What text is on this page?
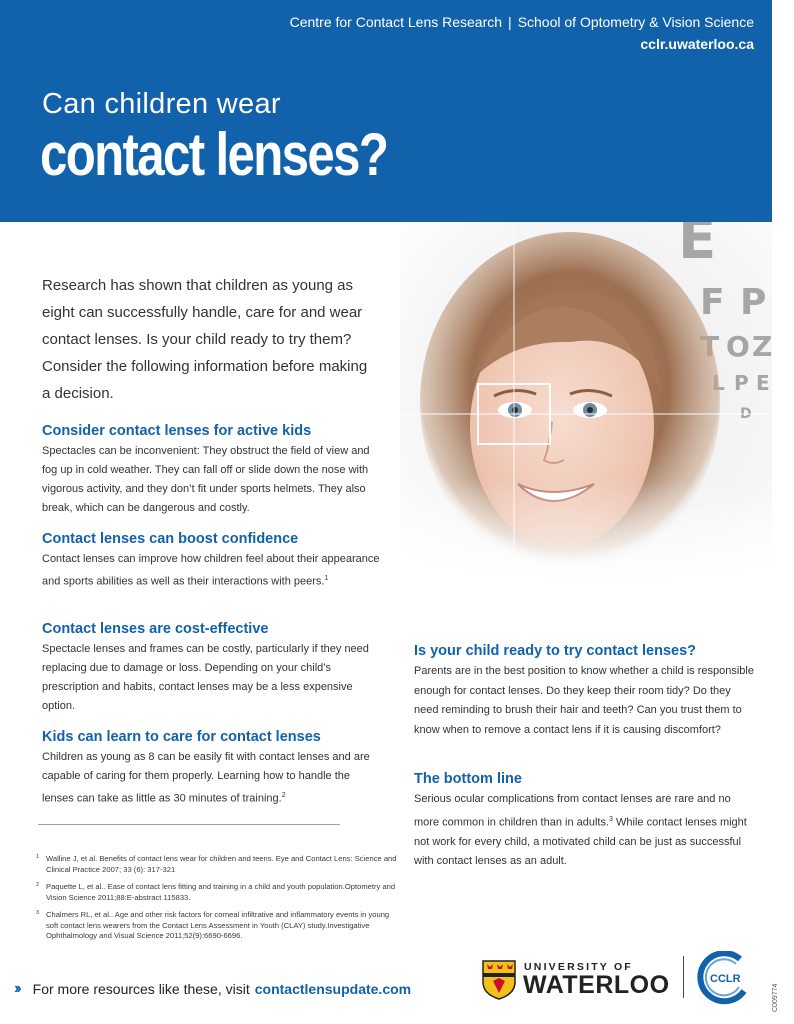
Centre for Contact Lens Research | School of Optometry & Vision Science
cclr.uwaterloo.ca
Can children wear
contact lenses?

Research has shown that children as young as eight can successfully handle, care for and wear contact lenses. Is your child ready to try them? Consider the following information before making a decision.

Consider contact lenses for active kids

Spectacles can be inconvenient: They obstruct the field of view and fog up in cold weather. They can fall off or slide down the nose with vigorous activity, and they don’t fit under sports helmets. They also break, which can be dangerous and costly.

Contact lenses can boost confidence

Contact lenses can improve how children feel about their appearance and sports abilities as well as their interactions with peers.$^1$

Contact lenses are cost-effective

Spectacle lenses and frames can be costly, particularly if they need replacing due to damage or loss. Depending on your child’s prescription and habits, contact lenses may be a less expensive option.

Kids can learn to care for contact lenses

Children as young as 8 can be easily fit with contact lenses and are capable of caring for them properly. Learning how to handle the lenses can take as little as 30 minutes of training.$^2$

Is your child ready to try contact lenses?

Parents are in the best position to know whether a child is responsible enough for contact lenses. Do they keep their room tidy? Do they need reminding to brush their hair and teeth? Can you trust them to know when to remove a contact lens if it is causing discomfort?

The bottom line

Serious ocular complications from contact lenses are rare and no more common in children than in adults.$^3$ While contact lenses might not work for every child, a motivated child can be just as successful with contact lenses as an adult.

1 Walline J, et al. Benefits of contact lens wear for children and teens. Eye and Contact Lens: Science and Clinical Practice 2007; 33 (6): 317-321
2 Paquette L, et al.. Ease of contact lens fitting and training in a child and youth population.Optometry and Vision Science 2011;88:E-abstract 115833.
3 Chalmers RL, et al.. Age and other risk factors for corneal infiltrative and inflammatory events in young soft contact lens wearers from the Contact Lens Assessment in Youth (CLAY) study.Investigative Ophthalmology and Visual Science 2011;52(9):6690-6696.
›› For more resources like these, visit contactlensupdate.com
UNIVERSITY OF
WATERLOO	CCLR
C009774
